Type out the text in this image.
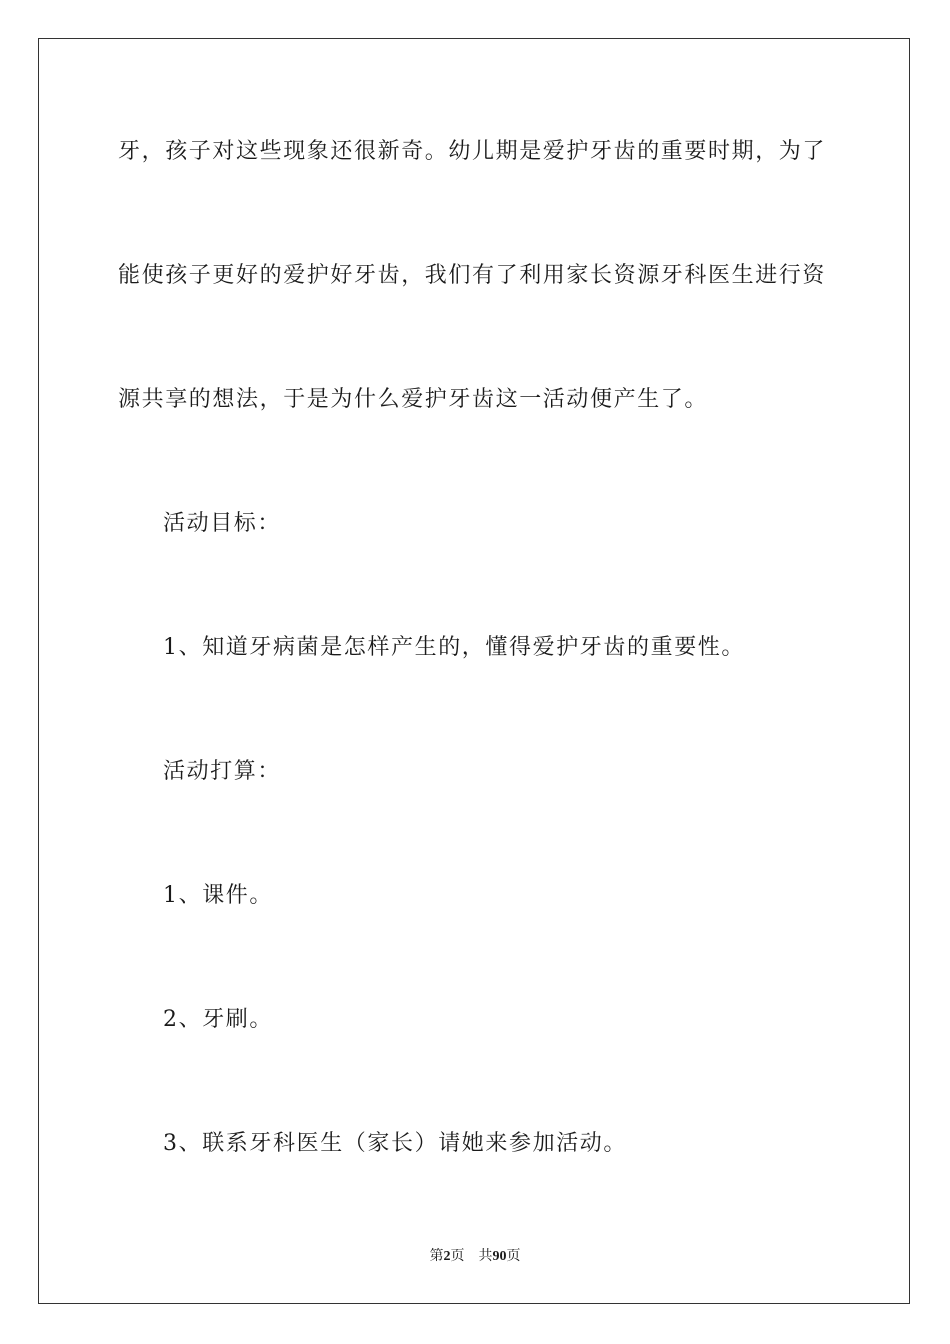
牙，孩子对这些现象还很新奇。幼儿期是爱护牙齿的重要时期，为了
能使孩子更好的爱护好牙齿，我们有了利用家长资源牙科医生进行资
源共享的想法，于是为什么爱护牙齿这一活动便产生了。
活动目标：
1、知道牙病菌是怎样产生的，懂得爱护牙齿的重要性。
活动打算：
1、课件。
2、牙刷。
3、联系牙科医生（家长）请她来参加活动。
第2页 共90页
